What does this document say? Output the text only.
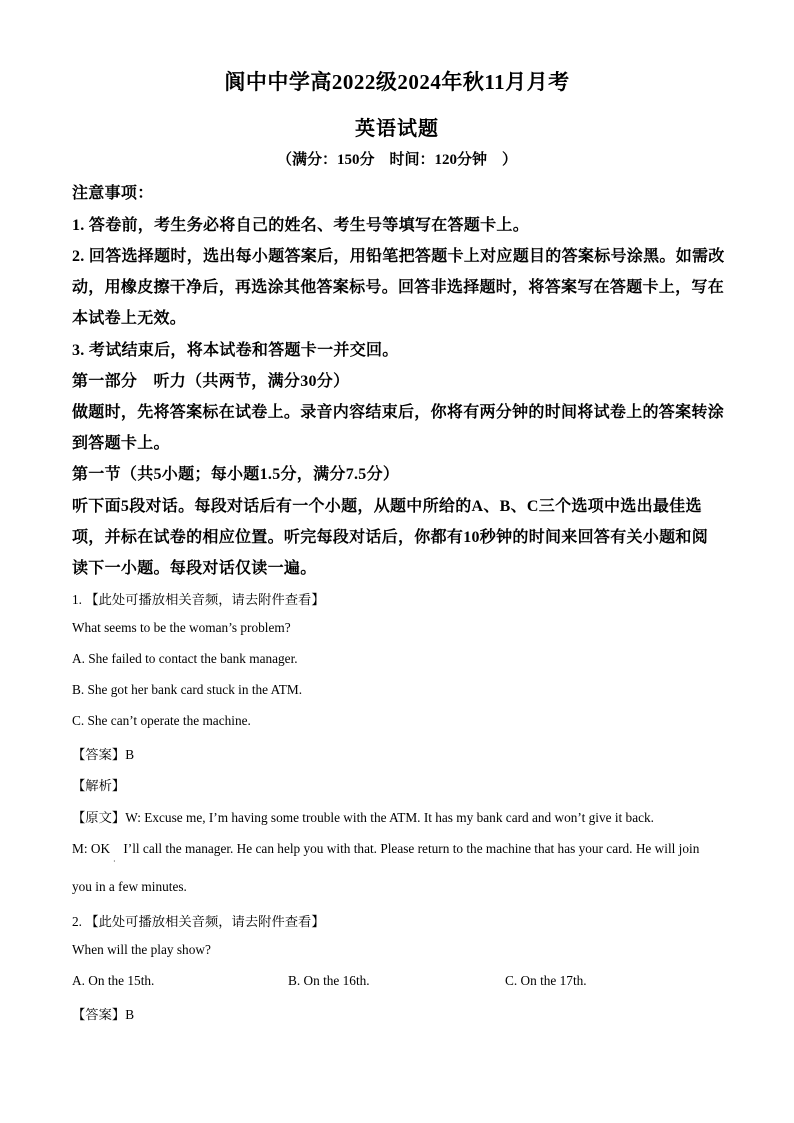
阆中中学高2022级2024年秋11月月考
英语试题
（满分：150分　时间：120分钟　）
注意事项：
1. 答卷前，考生务必将自己的姓名、考生号等填写在答题卡上。
2. 回答选择题时，选出每小题答案后，用铅笔把答题卡上对应题目的答案标号涂黑。如需改
动，用橡皮擦干净后，再选涂其他答案标号。回答非选择题时，将答案写在答题卡上，写在
本试卷上无效。
3. 考试结束后，将本试卷和答题卡一并交回。
第一部分　听力（共两节，满分30分）
做题时，先将答案标在试卷上。录音内容结束后，你将有两分钟的时间将试卷上的答案转涂
到答题卡上。
第一节（共5小题；每小题1.5分，满分7.5分）
听下面5段对话。每段对话后有一个小题，从题中所给的A、B、C三个选项中选出最佳选
项，并标在试卷的相应位置。听完每段对话后，你都有10秒钟的时间来回答有关小题和阅
读下一小题。每段对话仅读一遍。
1. 【此处可播放相关音频，请去附件查看】
What seems to be the woman’s problem?
A. She failed to contact the bank manager.
B. She got her bank card stuck in the ATM.
C. She can’t operate the machine.
【答案】B
【解析】
【原文】W: Excuse me, I’m having some trouble with the ATM. It has my bank card and won’t give it back.
M: OK　I’ll call the manager. He can help you with that. Please return to the machine that has your card. He will join
·
you in a few minutes.
2. 【此处可播放相关音频，请去附件查看】
When will the play show?
A. On the 15th.	B. On the 16th.	C. On the 17th.
【答案】B
